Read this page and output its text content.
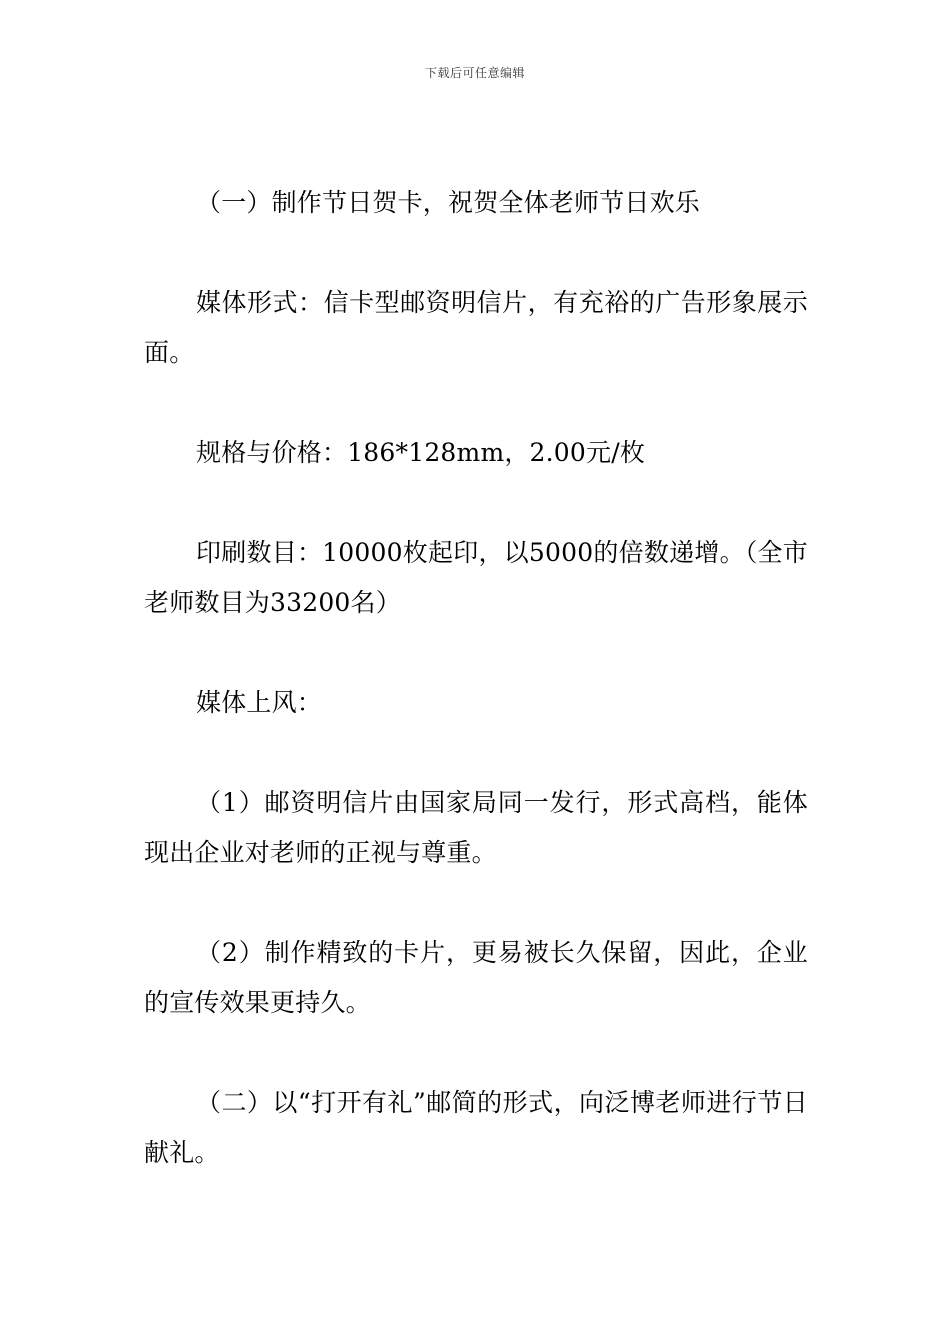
下载后可任意编辑

（一）制作节日贺卡，祝贺全体老师节日欢乐

媒体形式：信卡型邮资明信片，有充裕的广告形象展示面。

规格与价格：186*128mm，2.00元/枚

印刷数目：10000枚起印，以5000的倍数递增。（全市老师数目为33200名）

媒体上风：

（1）邮资明信片由国家局同一发行，形式高档，能体现出企业对老师的正视与尊重。

（2）制作精致的卡片，更易被长久保留，因此，企业的宣传效果更持久。

（二）以“打开有礼”邮简的形式，向泛博老师进行节日献礼。
